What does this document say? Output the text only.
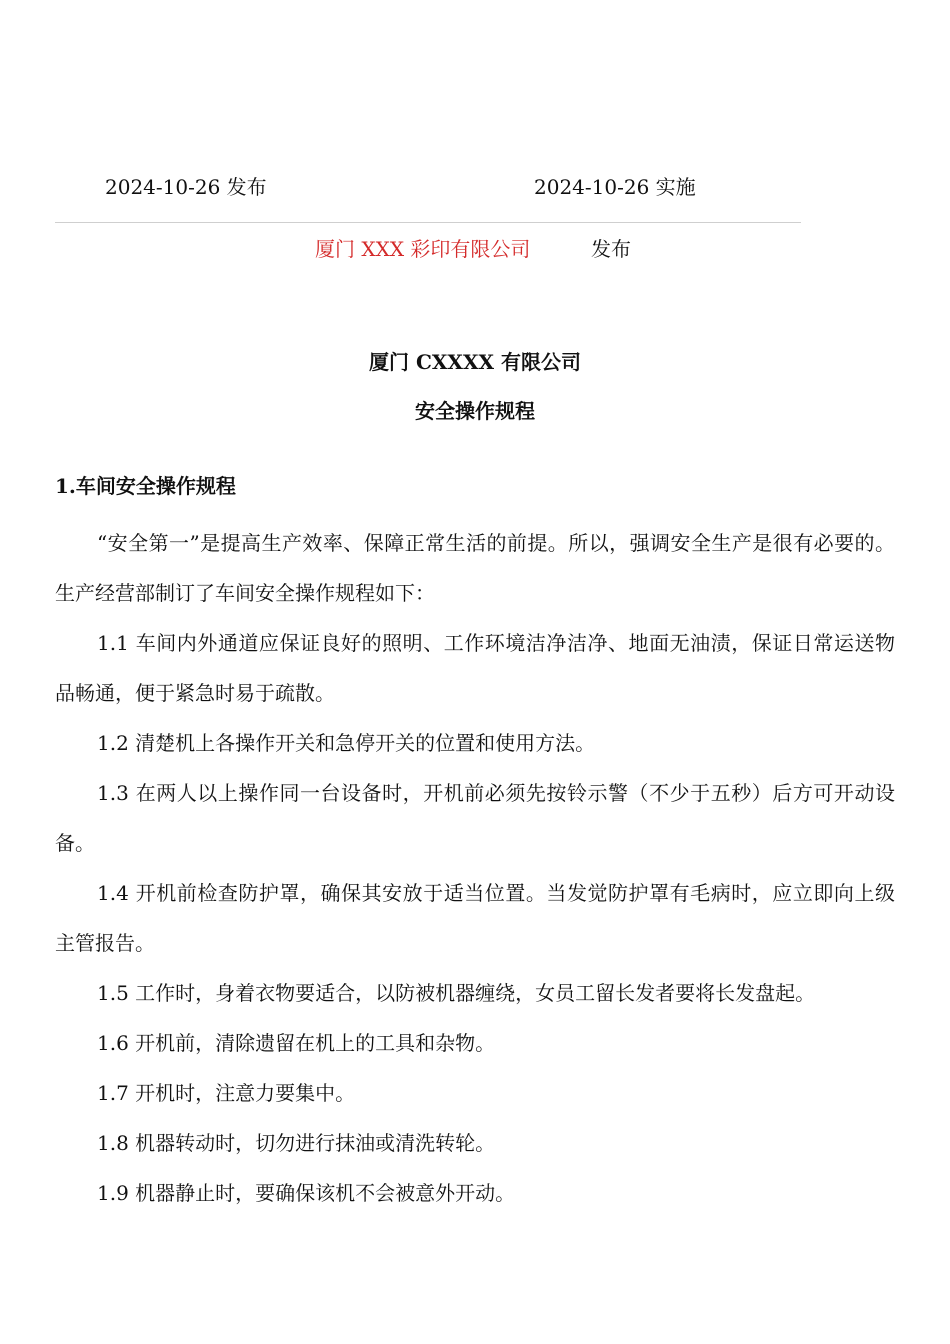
2024-10-26 发布	2024-10-26 实施
厦门 XXX 彩印有限公司	发布
厦门 CXXXX 有限公司
安全操作规程
1.车间安全操作规程

“安全第一”是提高生产效率、保障正常生活的前提。所以，强调安全生产是很有必要的。生产经营部制订了车间安全操作规程如下：

1.1 车间内外通道应保证良好的照明、工作环境洁净洁净、地面无油渍，保证日常运送物品畅通，便于紧急时易于疏散。

1.2 清楚机上各操作开关和急停开关的位置和使用方法。

1.3 在两人以上操作同一台设备时，开机前必须先按铃示警（不少于五秒）后方可开动设备。

1.4 开机前检查防护罩，确保其安放于适当位置。当发觉防护罩有毛病时，应立即向上级主管报告。

1.5 工作时，身着衣物要适合，以防被机器缠绕，女员工留长发者要将长发盘起。

1.6 开机前，清除遗留在机上的工具和杂物。

1.7 开机时，注意力要集中。

1.8 机器转动时，切勿进行抹油或清洗转轮。

1.9 机器静止时，要确保该机不会被意外开动。
